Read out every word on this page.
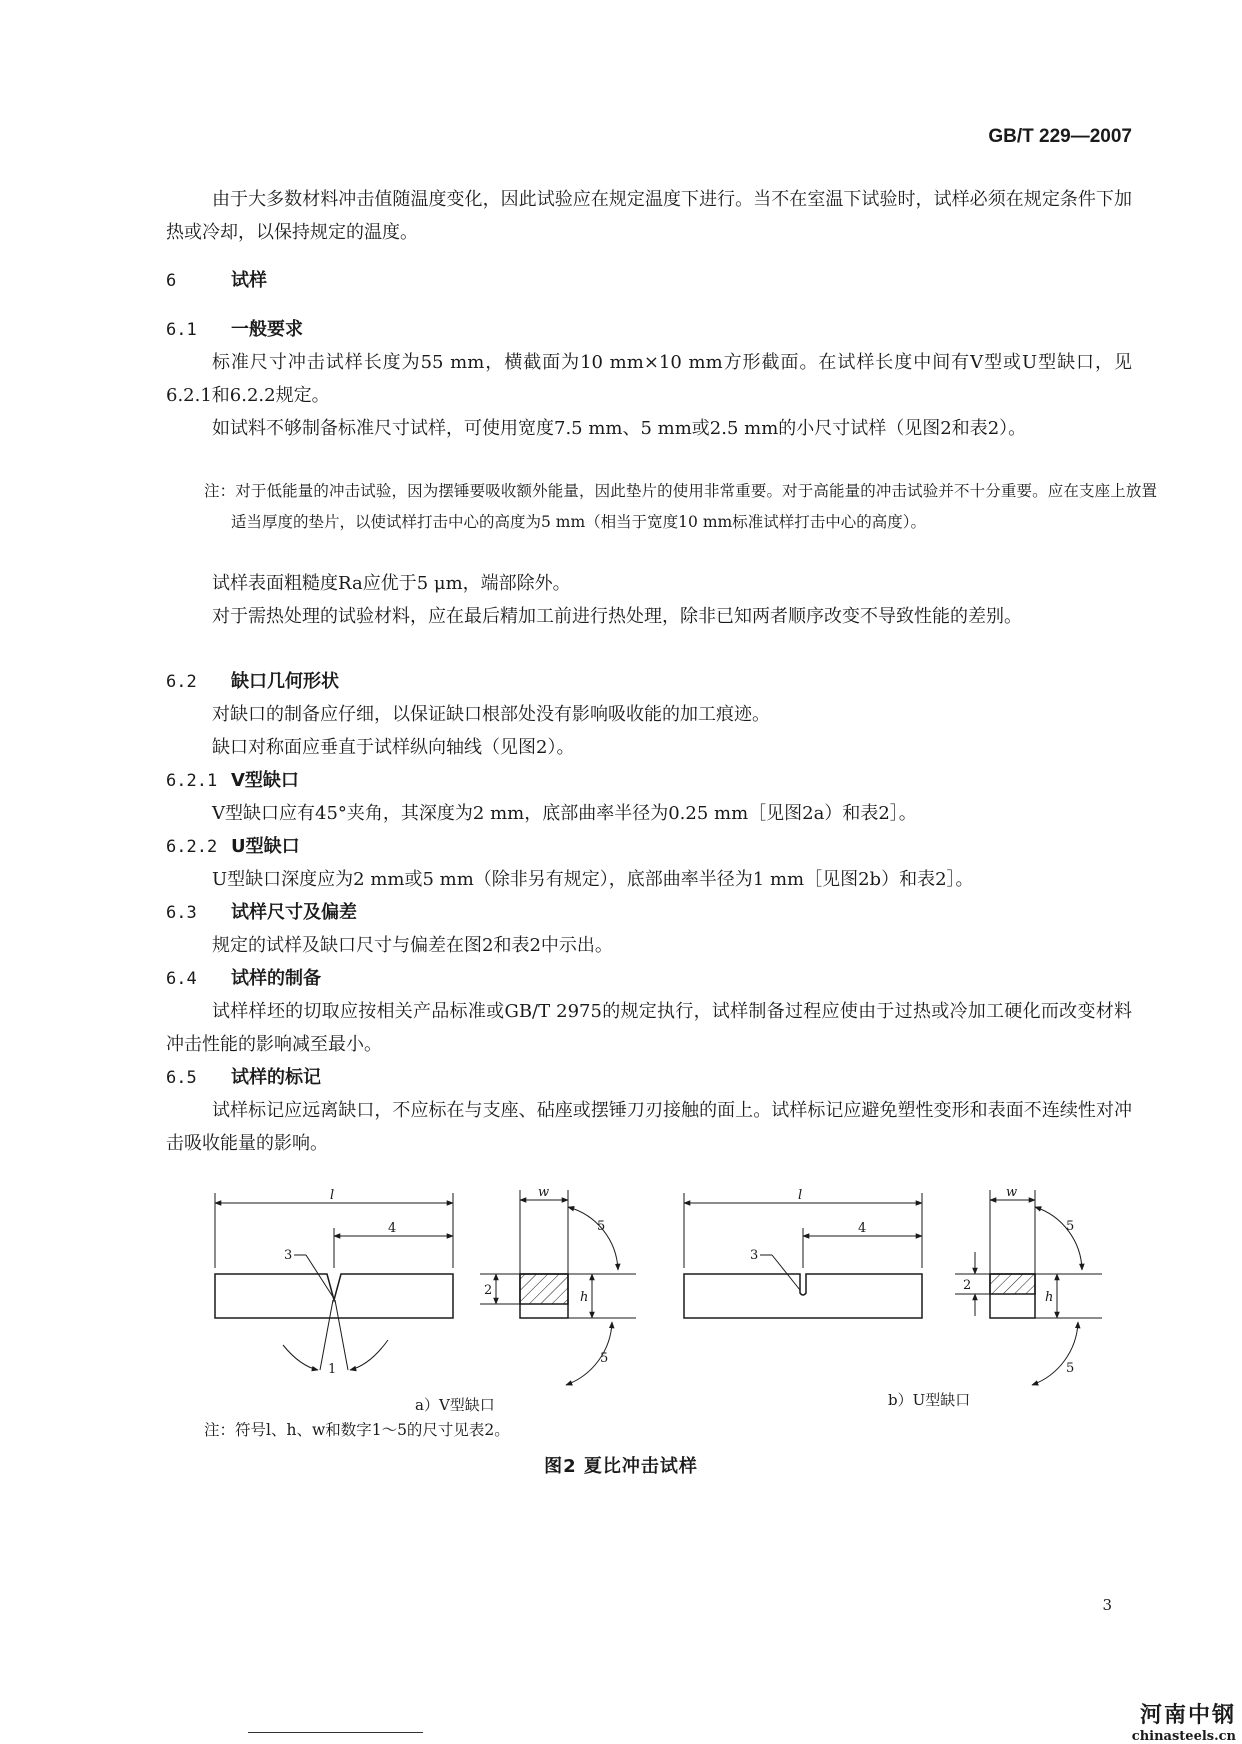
GB/T 229—2007

由于大多数材料冲击值随温度变化，因此试验应在规定温度下进行。当不在室温下试验时，试样必须在规定条件下加热或冷却，以保持规定的温度。

6	试样
6.1 一般要求

标准尺寸冲击试样长度为55 mm，横截面为10 mm×10 mm方形截面。在试样长度中间有V型或U型缺口，见6.2.1和6.2.2规定。

如试料不够制备标准尺寸试样，可使用宽度7.5 mm、5 mm或2.5 mm的小尺寸试样（见图2和表2）。

注：对于低能量的冲击试验，因为摆锤要吸收额外能量，因此垫片的使用非常重要。对于高能量的冲击试验并不十分重要。应在支座上放置适当厚度的垫片，以使试样打击中心的高度为5 mm（相当于宽度10 mm标准试样打击中心的高度）。

试样表面粗糙度Ra应优于5 μm，端部除外。

对于需热处理的试验材料，应在最后精加工前进行热处理，除非已知两者顺序改变不导致性能的差别。

6.2 缺口几何形状

对缺口的制备应仔细，以保证缺口根部处没有影响吸收能的加工痕迹。

缺口对称面应垂直于试样纵向轴线（见图2）。

6.2.1 V型缺口

V型缺口应有45°夹角，其深度为2 mm，底部曲率半径为0.25 mm［见图2a）和表2］。

6.2.2 U型缺口

U型缺口深度应为2 mm或5 mm（除非另有规定），底部曲率半径为1 mm［见图2b）和表2］。

6.3 试样尺寸及偏差

规定的试样及缺口尺寸与偏差在图2和表2中示出。

6.4 试样的制备

试样样坯的切取应按相关产品标准或GB/T 2975的规定执行，试样制备过程应使由于过热或冷加工硬化而改变材料冲击性能的影响减至最小。

6.5 试样的标记

试样标记应远离缺口，不应标在与支座、砧座或摆锤刀刃接触的面上。试样标记应避免塑性变形和表面不连续性对冲击吸收能量的影响。

l
4
3
1
w
2	h
5
5
l
4
3
w
2
h
5
5
a）V型缺口	b）U型缺口

注：符号l、h、w和数字1～5的尺寸见表2。

图2 夏比冲击试样

3

河南中钢
chinasteels.cn
